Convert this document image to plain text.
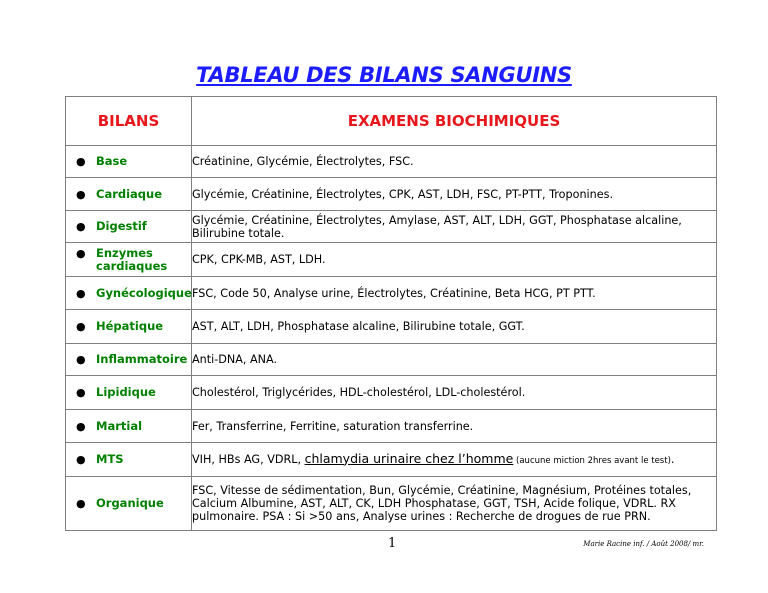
TABLEAU DES BILANS SANGUINS
BILANS	EXAMENS BIOCHIMIQUES

● Base	Créatinine, Glycémie, Électrolytes, FSC.

● Cardiaque	Glycémie, Créatinine, Électrolytes, CPK, AST, LDH, FSC, PT-PTT, Troponines.

● Digestif	Glycémie, Créatinine, Électrolytes, Amylase, AST, ALT, LDH, GGT, Phosphatase alcaline, Bilirubine totale.

● Enzymes cardiaques	CPK, CPK-MB, AST, LDH.

● Gynécologique	FSC, Code 50, Analyse urine, Électrolytes, Créatinine, Beta HCG, PT PTT.

● Hépatique	AST, ALT, LDH, Phosphatase alcaline, Bilirubine totale, GGT.

● Inflammatoire	Anti-DNA, ANA.

● Lipidique	Cholestérol, Triglycérides, HDL-cholestérol, LDL-cholestérol.

● Martial	Fer, Transferrine, Ferritine, saturation transferrine.

● MTS	VIH, HBs AG, VDRL, chlamydia urinaire chez l’homme (aucune miction 2hres avant le test).

● Organique	FSC, Vitesse de sédimentation, Bun, Glycémie, Créatinine, Magnésium, Protéines totales, Calcium Albumine, AST, ALT, CK, LDH Phosphatase, GGT, TSH, Acide folique, VDRL. RX pulmonaire. PSA : Si >50 ans, Analyse urines : Recherche de drogues de rue PRN.
1	Marie Racine inf. / Août 2008/ mr.
